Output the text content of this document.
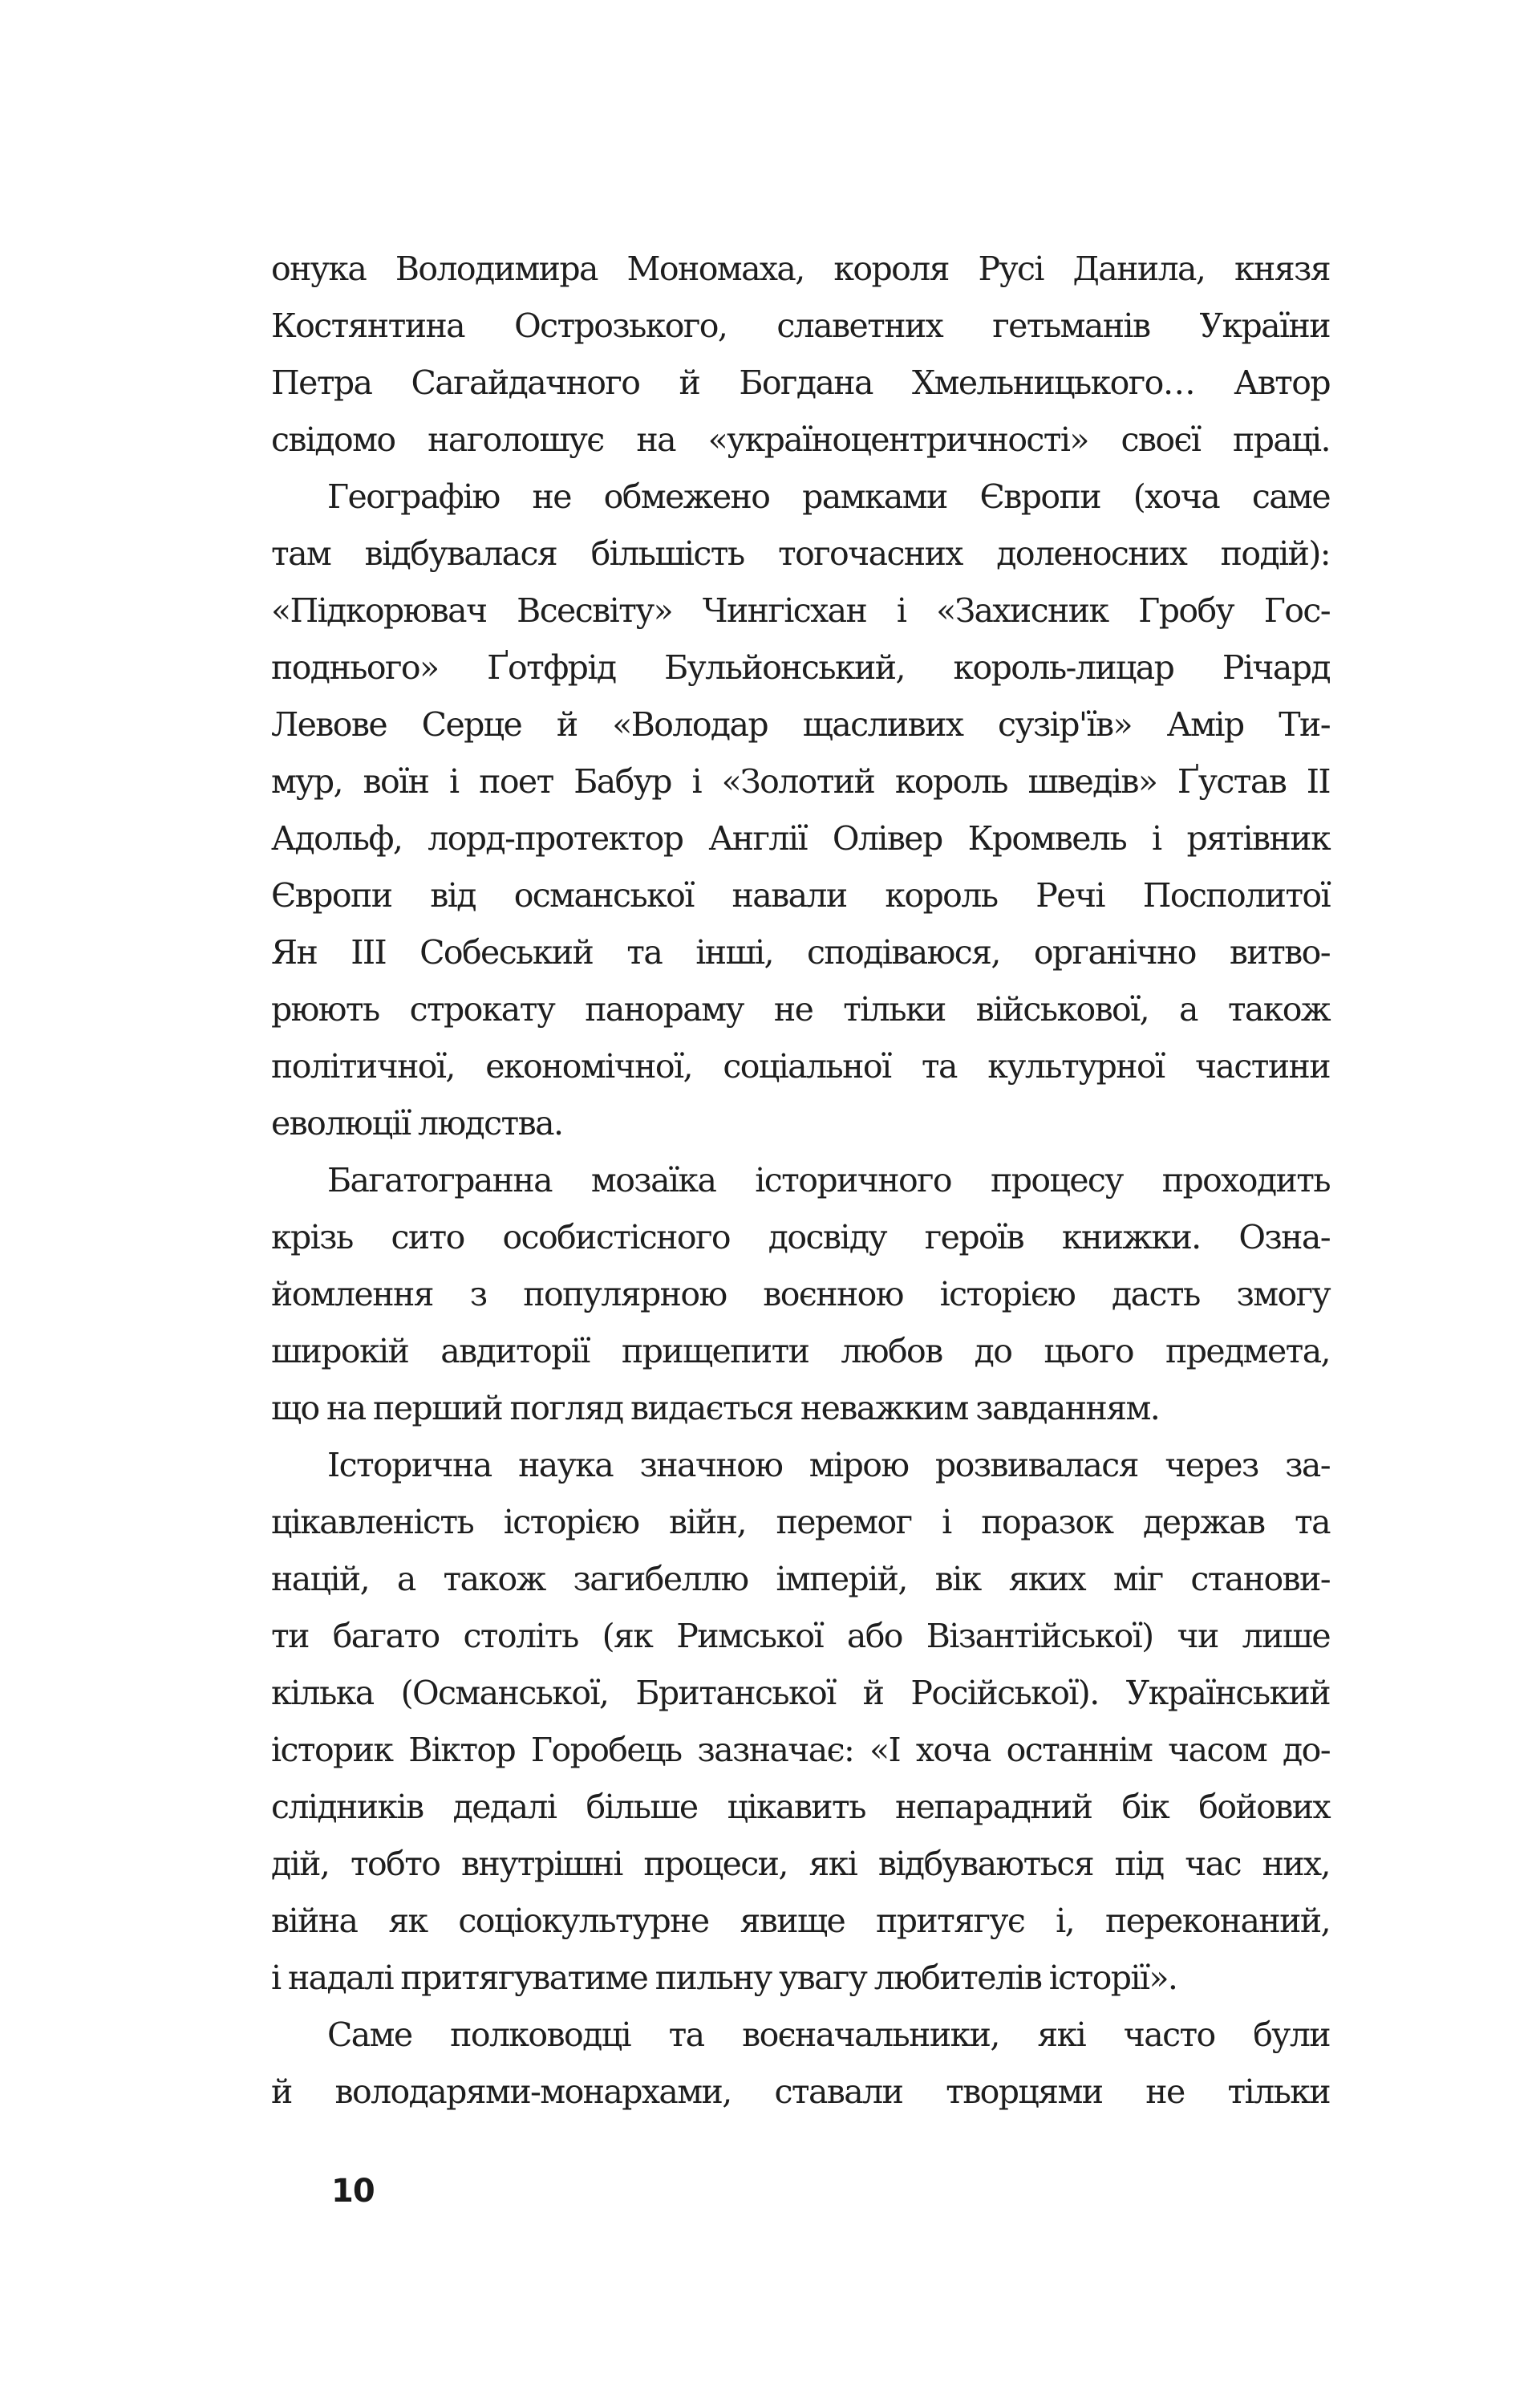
онука Володимира Мономаха, короля Русі Данила, князя
Костянтина Острозького, славетних гетьманів України
Петра Сагайдачного й Богдана Хмельницького… Автор
свідомо наголошує на «україноцентричності» своєї праці.
Географію не обмежено рамками Європи (хоча саме
там відбувалася більшість тогочасних доленосних подій):
«Підкорювач Всесвіту» Чингісхан і «Захисник Гробу Гос-
поднього» Ґотфрід Бульйонський, король-лицар Річард
Левове Серце й «Володар щасливих сузір'їв» Амір Ти-
мур, воїн і поет Бабур і «Золотий король шведів» Ґустав II
Адольф, лорд-протектор Англії Олівер Кромвель і рятівник
Європи від османської навали король Речі Посполитої
Ян III Собеський та інші, сподіваюся, органічно витво-
рюють строкату панораму не тільки військової, а також
політичної, економічної, соціальної та культурної частини
еволюції людства.
Багатогранна мозаїка історичного процесу проходить
крізь сито особистісного досвіду героїв книжки. Озна-
йомлення з популярною воєнною історією дасть змогу
широкій авдиторії прищепити любов до цього предмета,
що на перший погляд видається неважким завданням.
Історична наука значною мірою розвивалася через за-
цікавленість історією війн, перемог і поразок держав та
націй, а також загибеллю імперій, вік яких міг станови-
ти багато століть (як Римської або Візантійської) чи лише
кілька (Османської, Британської й Російської). Український
історик Віктор Горобець зазначає: «І хоча останнім часом до-
слідників дедалі більше цікавить непарадний бік бойових
дій, тобто внутрішні процеси, які відбуваються під час них,
війна як соціокультурне явище притягує і, переконаний,
і надалі притягуватиме пильну увагу любителів історії».
Саме полководці та воєначальники, які часто були
й володарями-монархами, ставали творцями не тільки
10
